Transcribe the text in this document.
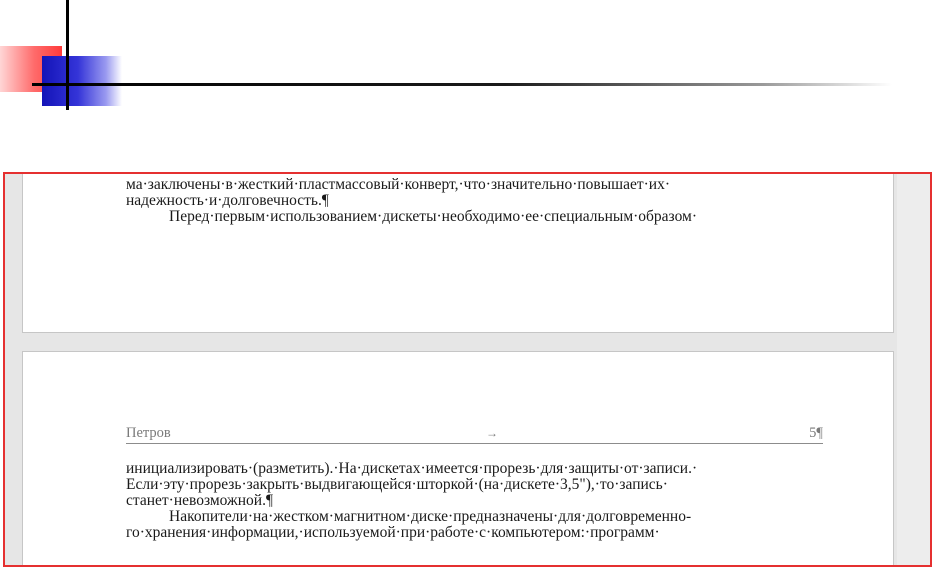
ма·заключены·в·жесткий·пластмассовый·конверт,·что·значительно·повышает·их·
надежность·и·долговечность.¶
Перед·первым·использованием·дискеты·необходимо·ее·специальным·образом·
Петров	→	5¶
инициализировать·(разметить).·На·дискетах·имеется·прорезь·для·защиты·от·записи.·
Если·эту·прорезь·закрыть·выдвигающейся·шторкой·(на·дискете·3,5"),·то·запись·
станет·невозможной.¶
Накопители·на·жестком·магнитном·диске·предназначены·для·долговременно-
го·хранения·информации,·используемой·при·работе·с·компьютером:·программ·
